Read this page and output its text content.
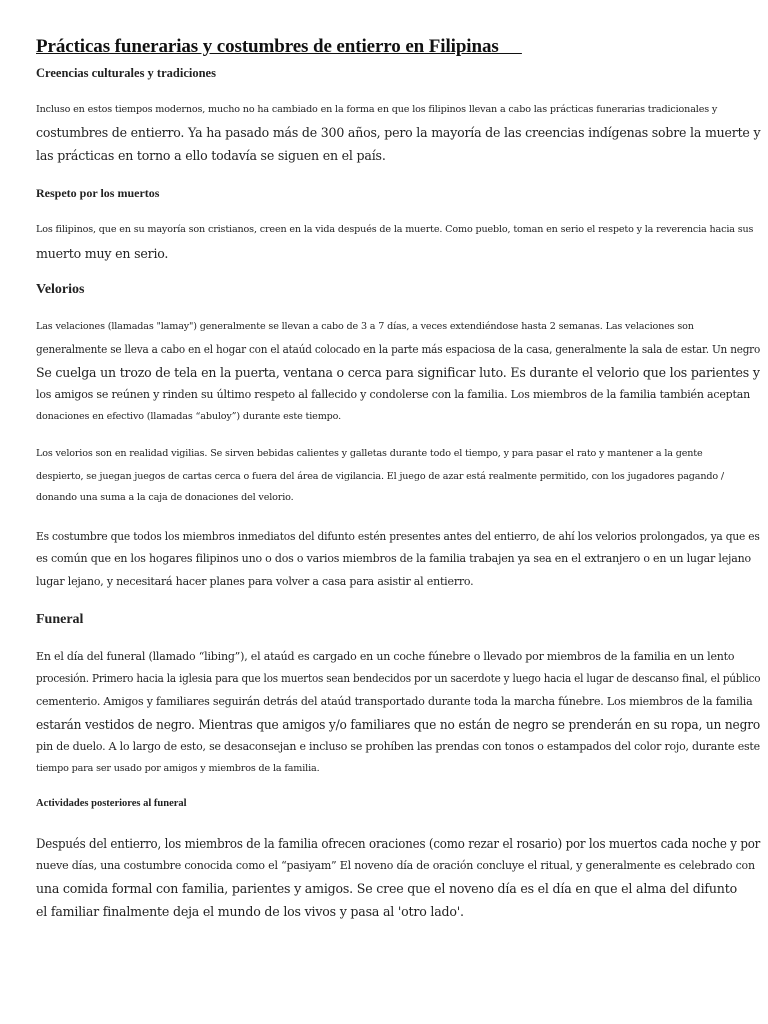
Prácticas funerarias y costumbres de entierro en Filipinas
Creencias culturales y tradiciones

Incluso en estos tiempos modernos, mucho no ha cambiado en la forma en que los filipinos llevan a cabo las prácticas funerarias tradicionales y

costumbres de entierro. Ya ha pasado más de 300 años, pero la mayoría de las creencias indígenas sobre la muerte y

las prácticas en torno a ello todavía se siguen en el país.

Respeto por los muertos

Los filipinos, que en su mayoría son cristianos, creen en la vida después de la muerte. Como pueblo, toman en serio el respeto y la reverencia hacia sus

muerto muy en serio.

Velorios

Las velaciones (llamadas "lamay") generalmente se llevan a cabo de 3 a 7 días, a veces extendiéndose hasta 2 semanas. Las velaciones son

generalmente se lleva a cabo en el hogar con el ataúd colocado en la parte más espaciosa de la casa, generalmente la sala de estar. Un negro

Se cuelga un trozo de tela en la puerta, ventana o cerca para significar luto. Es durante el velorio que los parientes y

los amigos se reúnen y rinden su último respeto al fallecido y condolerse con la familia. Los miembros de la familia también aceptan

donaciones en efectivo (llamadas “abuloy”) durante este tiempo.

Los velorios son en realidad vigilias. Se sirven bebidas calientes y galletas durante todo el tiempo, y para pasar el rato y mantener a la gente

despierto, se juegan juegos de cartas cerca o fuera del área de vigilancia. El juego de azar está realmente permitido, con los jugadores pagando /

donando una suma a la caja de donaciones del velorio.

Es costumbre que todos los miembros inmediatos del difunto estén presentes antes del entierro, de ahí los velorios prolongados, ya que es

es común que en los hogares filipinos uno o dos o varios miembros de la familia trabajen ya sea en el extranjero o en un lugar lejano

lugar lejano, y necesitará hacer planes para volver a casa para asistir al entierro.

Funeral

En el día del funeral (llamado “libing”), el ataúd es cargado en un coche fúnebre o llevado por miembros de la familia en un lento

procesión. Primero hacia la iglesia para que los muertos sean bendecidos por un sacerdote y luego hacia el lugar de descanso final, el público

cementerio. Amigos y familiares seguirán detrás del ataúd transportado durante toda la marcha fúnebre. Los miembros de la familia

estarán vestidos de negro. Mientras que amigos y/o familiares que no están de negro se prenderán en su ropa, un negro

pin de duelo. A lo largo de esto, se desaconsejan e incluso se prohíben las prendas con tonos o estampados del color rojo, durante este

tiempo para ser usado por amigos y miembros de la familia.

Actividades posteriores al funeral

Después del entierro, los miembros de la familia ofrecen oraciones (como rezar el rosario) por los muertos cada noche y por

nueve días, una costumbre conocida como el “pasiyam” El noveno día de oración concluye el ritual, y generalmente es celebrado con

una comida formal con familia, parientes y amigos. Se cree que el noveno día es el día en que el alma del difunto

el familiar finalmente deja el mundo de los vivos y pasa al 'otro lado'.
